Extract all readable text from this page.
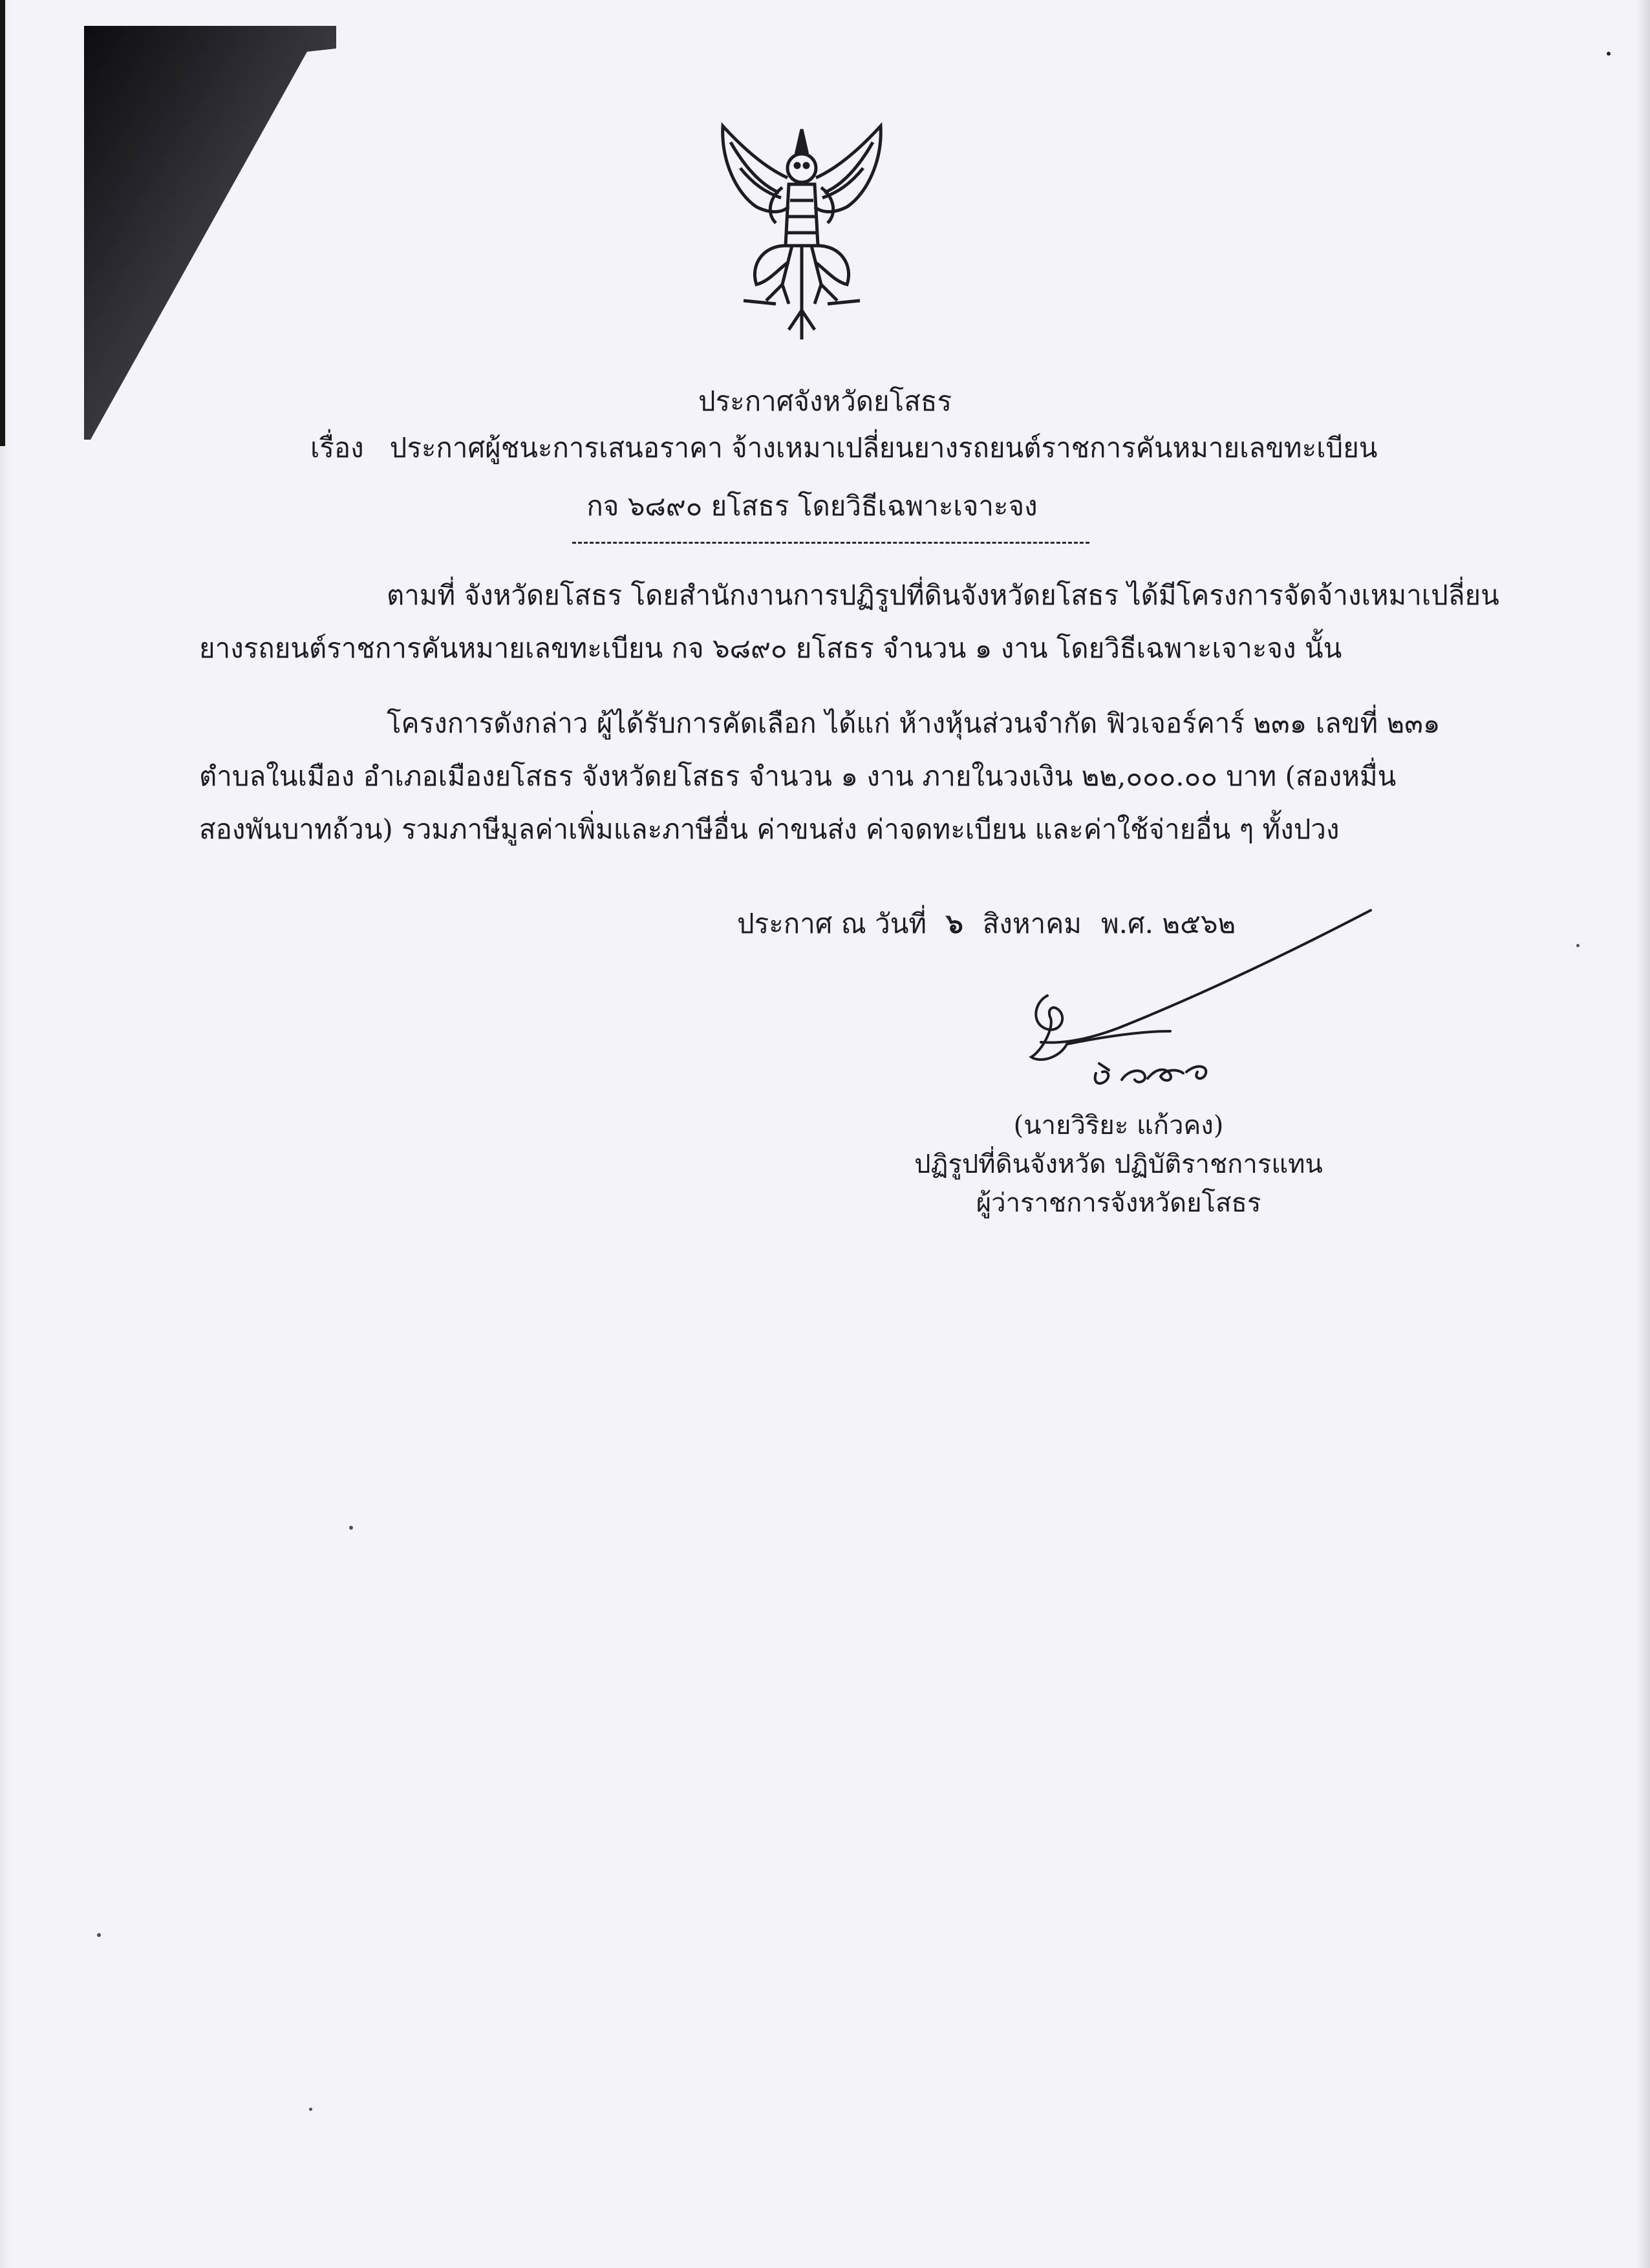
ประกาศจังหวัดยโสธร
เรื่อง ประกาศผู้ชนะการเสนอราคา จ้างเหมาเปลี่ยนยางรถยนต์ราชการคันหมายเลขทะเบียน
กจ ๖๘๙๐ ยโสธร โดยวิธีเฉพาะเจาะจง
ตามที่ จังหวัดยโสธร โดยสำนักงานการปฏิรูปที่ดินจังหวัดยโสธร ได้มีโครงการจัดจ้างเหมาเปลี่ยน
ยางรถยนต์ราชการคันหมายเลขทะเบียน กจ ๖๘๙๐ ยโสธร จำนวน ๑ งาน โดยวิธีเฉพาะเจาะจง นั้น
โครงการดังกล่าว ผู้ได้รับการคัดเลือก ได้แก่ ห้างหุ้นส่วนจำกัด ฟิวเจอร์คาร์ ๒๓๑ เลขที่ ๒๓๑
ตำบลในเมือง อำเภอเมืองยโสธร จังหวัดยโสธร จำนวน ๑ งาน ภายในวงเงิน ๒๒,๐๐๐.๐๐ บาท (สองหมื่น
สองพันบาทถ้วน) รวมภาษีมูลค่าเพิ่มและภาษีอื่น ค่าขนส่ง ค่าจดทะเบียน และค่าใช้จ่ายอื่น ๆ ทั้งปวง
ประกาศ ณ วันที่ ๖ สิงหาคม พ.ศ. ๒๕๖๒
(นายวิริยะ แก้วคง)
ปฏิรูปที่ดินจังหวัด ปฏิบัติราชการแทน
ผู้ว่าราชการจังหวัดยโสธร
